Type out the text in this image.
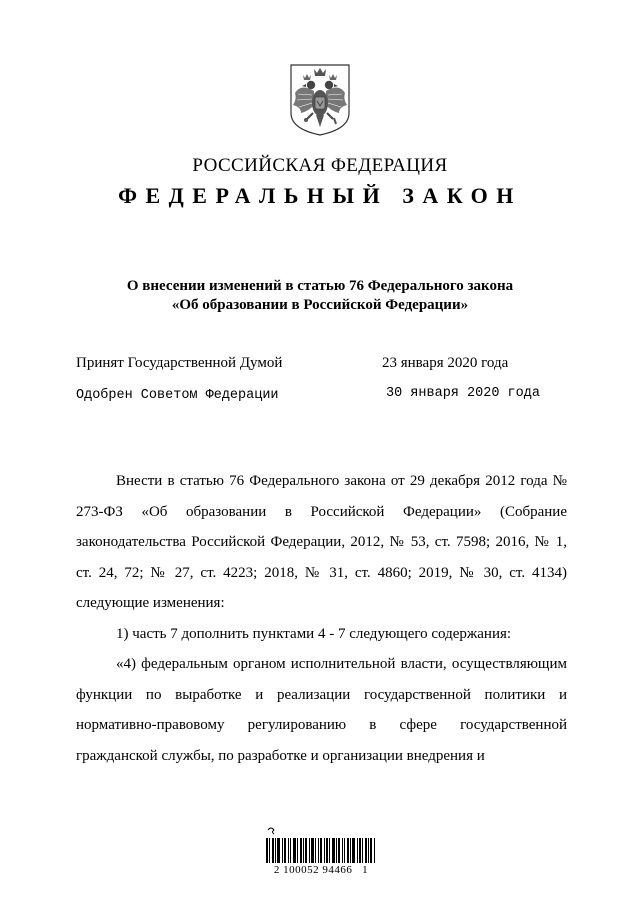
РОССИЙСКАЯ ФЕДЕРАЦИЯ
ФЕДЕРАЛЬНЫЙ ЗАКОН
О внесении изменений в статью 76 Федерального закона
«Об образовании в Российской Федерации»
Принят Государственной Думой	23 января 2020 года
Одобрен Советом Федерации	30 января 2020 года

Внести в статью 76 Федерального закона от 29 декабря 2012 года № 273-ФЗ «Об образовании в Российской Федерации» (Собрание законодательства Российской Федерации, 2012, № 53, ст. 7598; 2016, № 1, ст. 24, 72; № 27, ст. 4223; 2018, № 31, ст. 4860; 2019, № 30, ст. 4134) следующие изменения:

1) часть 7 дополнить пунктами 4 - 7 следующего содержания:

«4) федеральным органом исполнительной власти, осуществляющим функции по выработке и реализации государственной политики и нормативно-правовому регулированию в сфере государственной гражданской службы, по разработке и организации внедрения и

2 100052 94466   1
